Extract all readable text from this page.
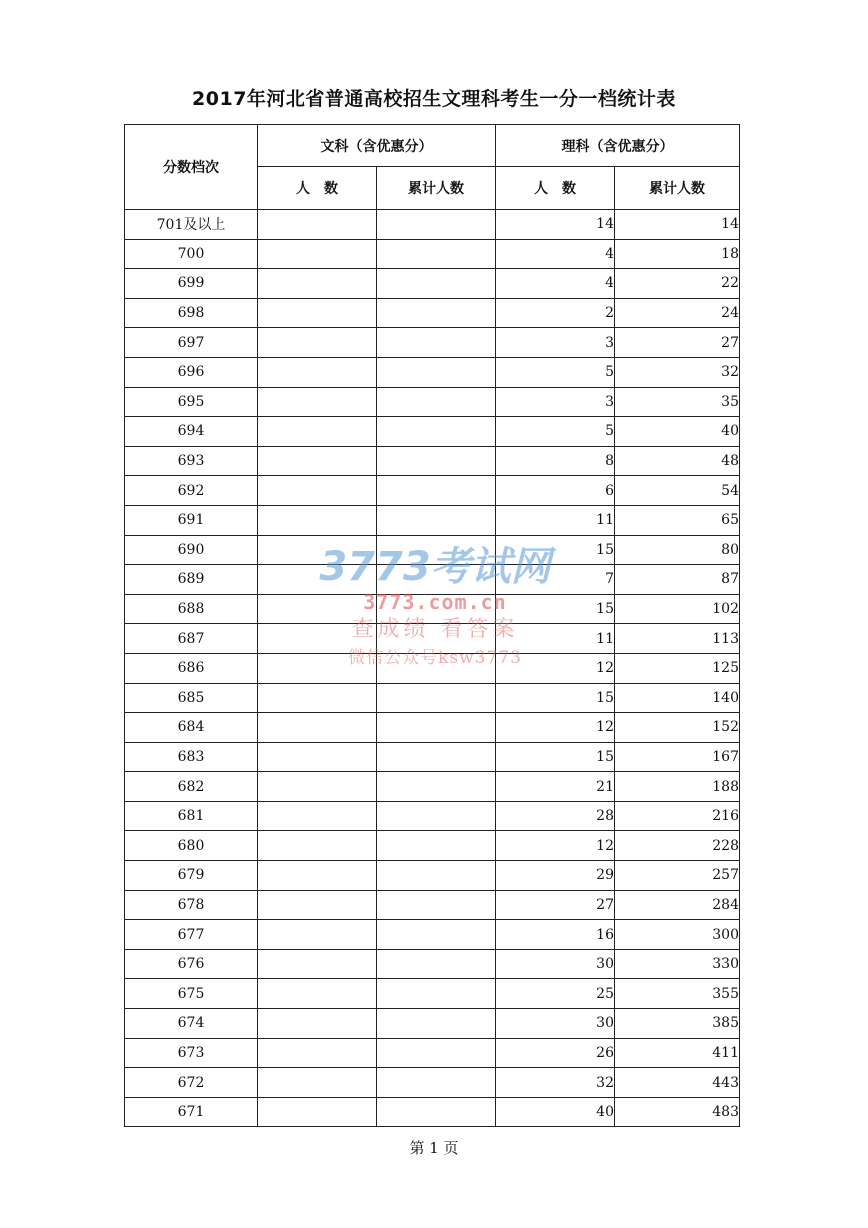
2017年河北省普通高校招生文理科考生一分一档统计表
分数档次	文科（含优惠分）		理科（含优惠分）	
	人　数	累计人数	人　数	累计人数
701及以上			14	14
700			4	18
699			4	22
698			2	24
697			3	27
696			5	32
695			3	35
694			5	40
693			8	48
692			6	54
691			11	65
690			15	80
689			7	87
688			15	102
687			11	113
686			12	125
685			15	140
684			12	152
683			15	167
682			21	188
681			28	216
680			12	228
679			29	257
678			27	284
677			16	300
676			30	330
675			25	355
674			30	385
673			26	411
672			32	443
671			40	483
3773考试网
3773.com.cn
查成绩 看答案
微信公众号ksw3773
第 1 页
